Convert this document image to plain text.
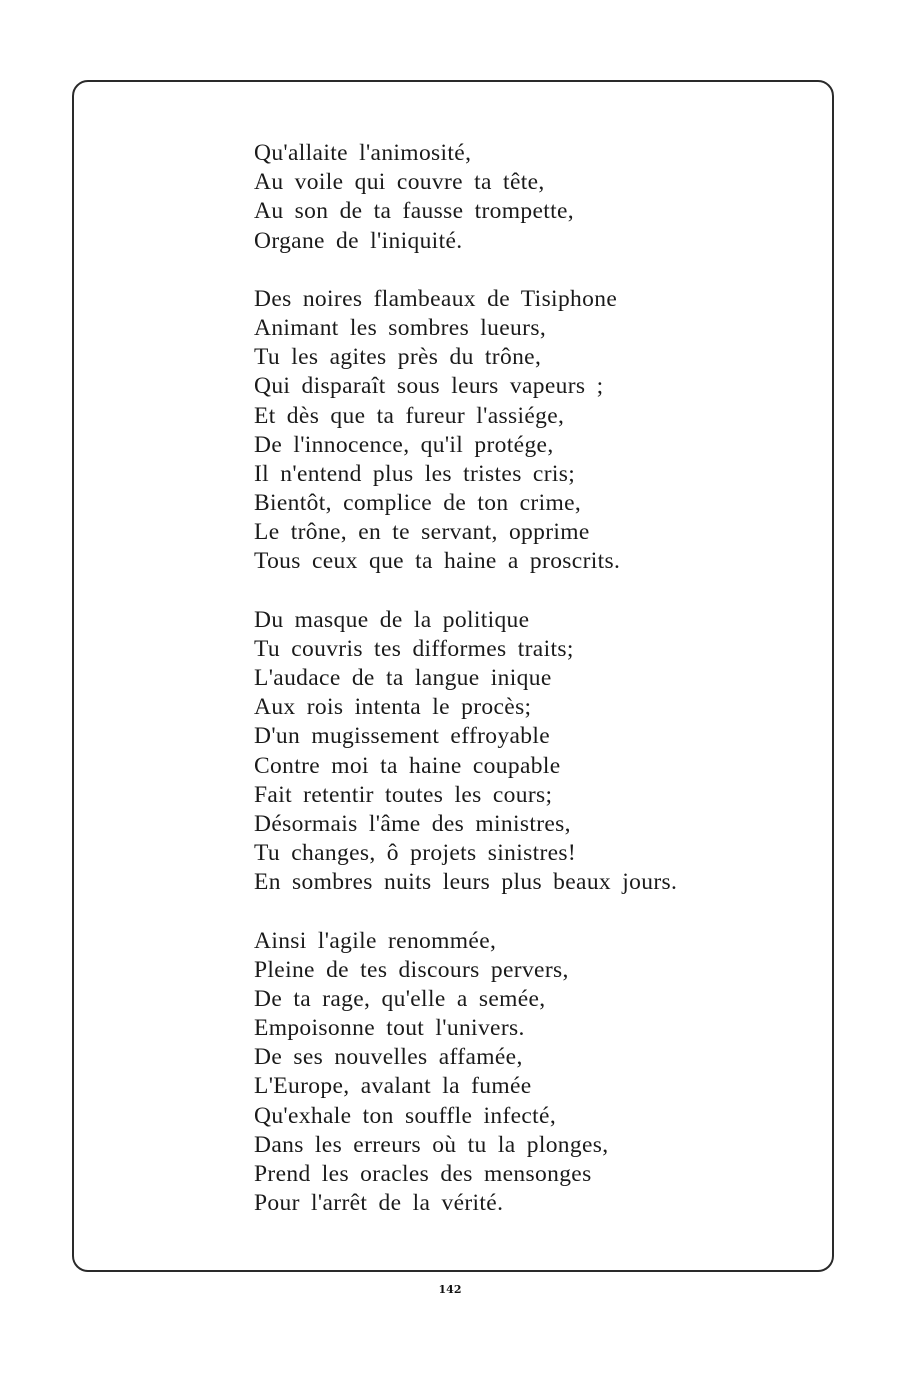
Qu'allaite l'animosité,
Au voile qui couvre ta tête,
Au son de ta fausse trompette,
Organe de l'iniquité.
Des noires flambeaux de Tisiphone
Animant les sombres lueurs,
Tu les agites près du trône,
Qui disparaît sous leurs vapeurs ;
Et dès que ta fureur l'assiége,
De l'innocence, qu'il protége,
Il n'entend plus les tristes cris;
Bientôt, complice de ton crime,
Le trône, en te servant, opprime
Tous ceux que ta haine a proscrits.
Du masque de la politique
Tu couvris tes difformes traits;
L'audace de ta langue inique
Aux rois intenta le procès;
D'un mugissement effroyable
Contre moi ta haine coupable
Fait retentir toutes les cours;
Désormais l'âme des ministres,
Tu changes, ô projets sinistres!
En sombres nuits leurs plus beaux jours.
Ainsi l'agile renommée,
Pleine de tes discours pervers,
De ta rage, qu'elle a semée,
Empoisonne tout l'univers.
De ses nouvelles affamée,
L'Europe, avalant la fumée
Qu'exhale ton souffle infecté,
Dans les erreurs où tu la plonges,
Prend les oracles des mensonges
Pour l'arrêt de la vérité.
142
